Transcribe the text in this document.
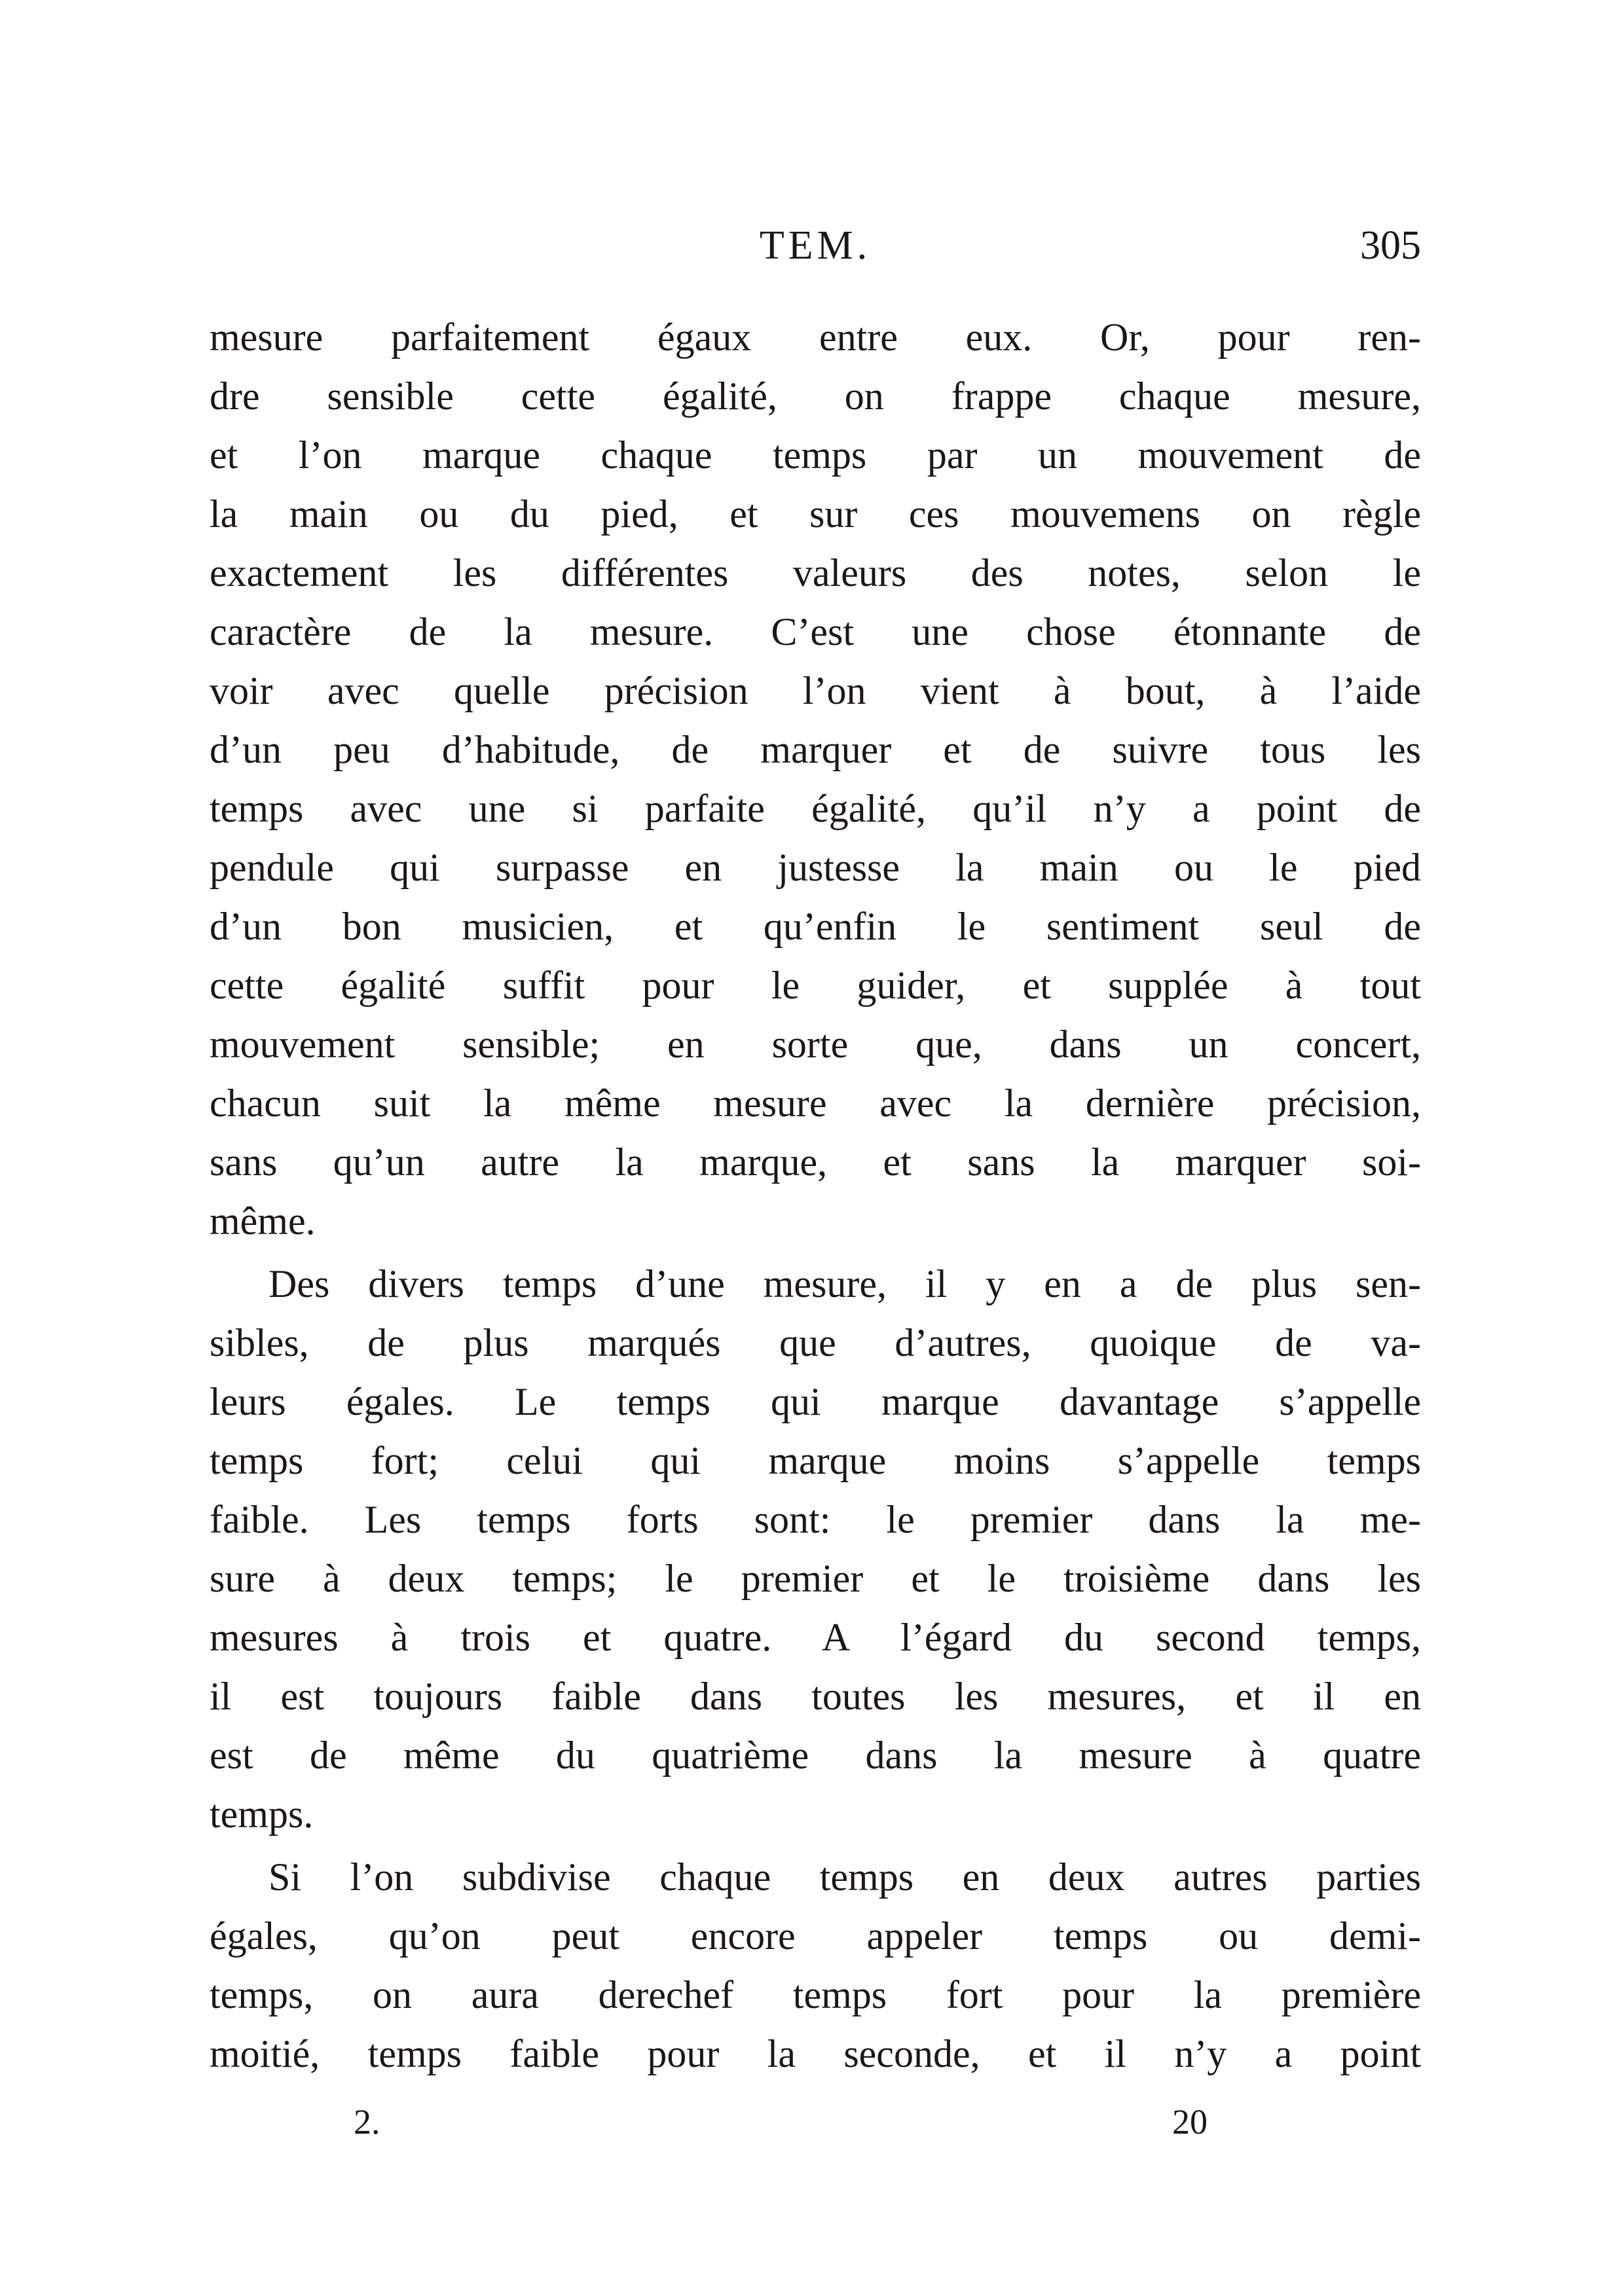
TEM.	305
mesure parfaitement égaux entre eux. Or, pour ren-
dre sensible cette égalité, on frappe chaque mesure,
et l’on marque chaque temps par un mouvement de
la main ou du pied, et sur ces mouvemens on règle
exactement les différentes valeurs des notes, selon le
caractère de la mesure. C’est une chose étonnante de
voir avec quelle précision l’on vient à bout, à l’aide
d’un peu d’habitude, de marquer et de suivre tous les
temps avec une si parfaite égalité, qu’il n’y a point de
pendule qui surpasse en justesse la main ou le pied
d’un bon musicien, et qu’enfin le sentiment seul de
cette égalité suffit pour le guider, et supplée à tout
mouvement sensible; en sorte que, dans un concert,
chacun suit la même mesure avec la dernière précision,
sans qu’un autre la marque, et sans la marquer soi-
même.
Des divers temps d’une mesure, il y en a de plus sen-
sibles, de plus marqués que d’autres, quoique de va-
leurs égales. Le temps qui marque davantage s’appelle
temps fort; celui qui marque moins s’appelle temps
faible. Les temps forts sont: le premier dans la me-
sure à deux temps; le premier et le troisième dans les
mesures à trois et quatre. A l’égard du second temps,
il est toujours faible dans toutes les mesures, et il en
est de même du quatrième dans la mesure à quatre
temps.
Si l’on subdivise chaque temps en deux autres parties
égales, qu’on peut encore appeler temps ou demi-
temps, on aura derechef temps fort pour la première
moitié, temps faible pour la seconde, et il n’y a point
2.	20
